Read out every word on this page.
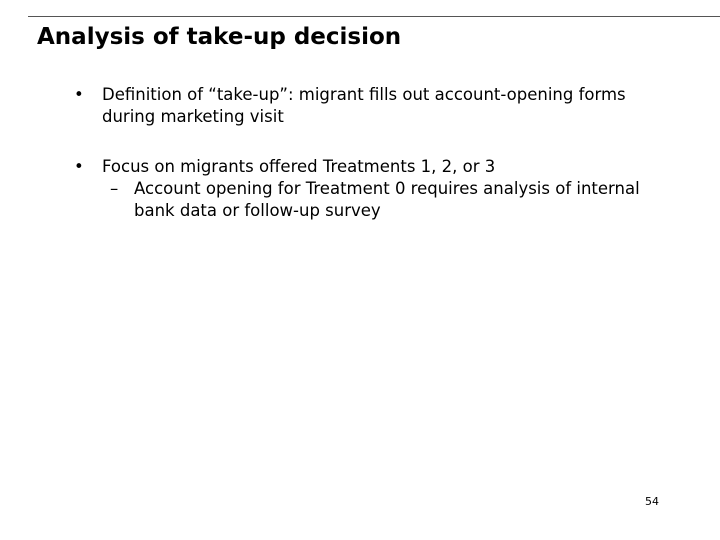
Analysis of take-up decision
•	Definition of “take-up”: migrant fills out account-opening forms during marketing visit
•	Focus on migrants offered Treatments 1, 2, or 3
– Account opening for Treatment 0 requires analysis of internal bank data or follow-up survey
54
